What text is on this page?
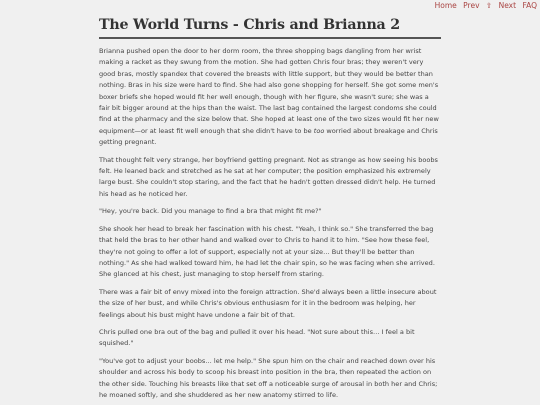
Home Prev ⇧ Next FAQ
The World Turns - Chris and Brianna 2

Brianna pushed open the door to her dorm room, the three shopping bags dangling from her wrist making a racket as they swung from the motion. She had gotten Chris four bras; they weren't very good bras, mostly spandex that covered the breasts with little support, but they would be better than nothing. Bras in his size were hard to find. She had also gone shopping for herself. She got some men's boxer briefs she hoped would fit her well enough, though with her figure, she wasn't sure; she was a fair bit bigger around at the hips than the waist. The last bag contained the largest condoms she could find at the pharmacy and the size below that. She hoped at least one of the two sizes would fit her new equipment—or at least fit well enough that she didn't have to be too worried about breakage and Chris getting pregnant.

That thought felt very strange, her boyfriend getting pregnant. Not as strange as how seeing his boobs felt. He leaned back and stretched as he sat at her computer; the position emphasized his extremely large bust. She couldn't stop staring, and the fact that he hadn't gotten dressed didn't help. He turned his head as he noticed her.

"Hey, you're back. Did you manage to find a bra that might fit me?"

She shook her head to break her fascination with his chest. "Yeah, I think so." She transferred the bag that held the bras to her other hand and walked over to Chris to hand it to him. "See how these feel, they're not going to offer a lot of support, especially not at your size… But they'll be better than nothing." As she had walked toward him, he had let the chair spin, so he was facing when she arrived. She glanced at his chest, just managing to stop herself from staring.

There was a fair bit of envy mixed into the foreign attraction. She'd always been a little insecure about the size of her bust, and while Chris's obvious enthusiasm for it in the bedroom was helping, her feelings about his bust might have undone a fair bit of that.

Chris pulled one bra out of the bag and pulled it over his head. "Not sure about this… I feel a bit squished."

"You've got to adjust your boobs… let me help." She spun him on the chair and reached down over his shoulder and across his body to scoop his breast into position in the bra, then repeated the action on the other side. Touching his breasts like that set off a noticeable surge of arousal in both her and Chris; he moaned softly, and she shuddered as her new anatomy stirred to life.
